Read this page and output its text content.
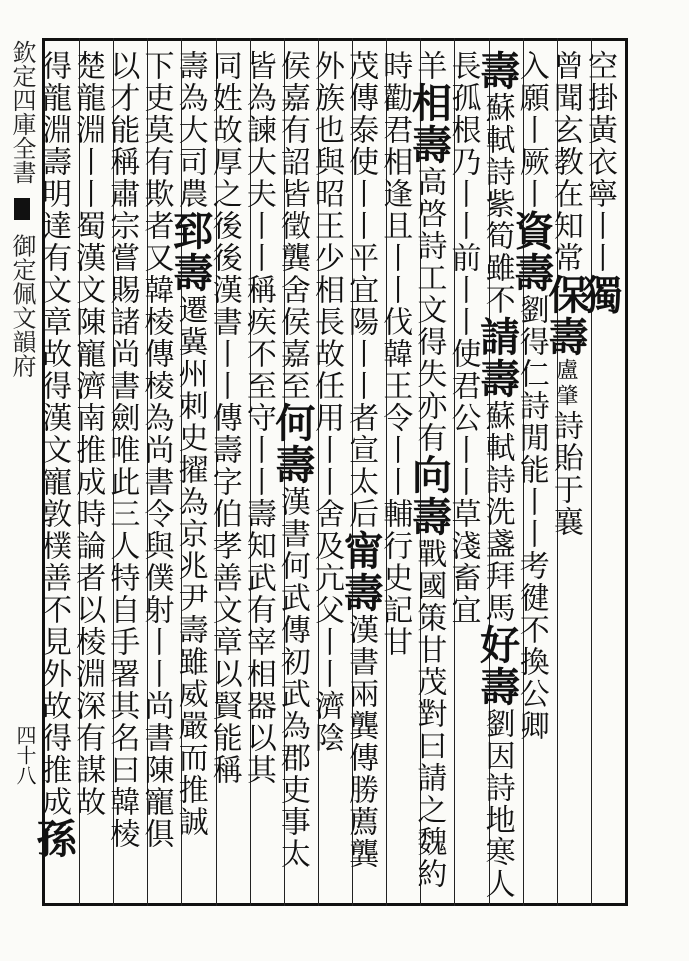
欽定四庫全書  御定佩文韻府
四十八
空掛黃衣寧丨丨獨
曾聞玄教在知常保壽盧肇詩貽于襄
入願丨厥丨資壽劉得仁詩閒能丨丨考徤不換公卿
壽蘇軾詩紫筍雖不請壽蘇軾詩洗盞拜馬好壽劉因詩地寒人
長孤根乃丨丨前丨丨使君公丨丨草淺畜宜
羊相壽高啓詩工文得失亦有向壽戰國策甘茂對曰請之魏約
時勸君相逢且丨丨伐韓王令丨丨輔行史記甘
茂傳泰使丨丨平宜陽丨丨者宣太后甯壽漢書兩龔傳勝薦龔
外族也與昭王少相長故任用丨丨舍及亢父丨丨濟陰
侯嘉有詔皆徵龔舍侯嘉至何壽漢書何武傳初武為郡吏事太
皆為諫大夫丨丨稱疾不至守丨丨壽知武有宰相器以其
同姓故厚之後後漢書丨丨傳壽字伯孝善文章以賢能稱
壽為大司農郅壽遷冀州刺史擢為京兆尹壽雖威嚴而推誠
下吏莫有欺者又韓棱傳棱為尚書令與僕射丨丨尚書陳寵俱
以才能稱肅宗嘗賜諸尚書劍唯此三人特自手署其名曰韓棱
楚龍淵丨丨蜀漢文陳寵濟南推成時論者以棱淵深有謀故
得龍淵壽明達有文章故得漢文寵敦樸善不見外故得推成孫
